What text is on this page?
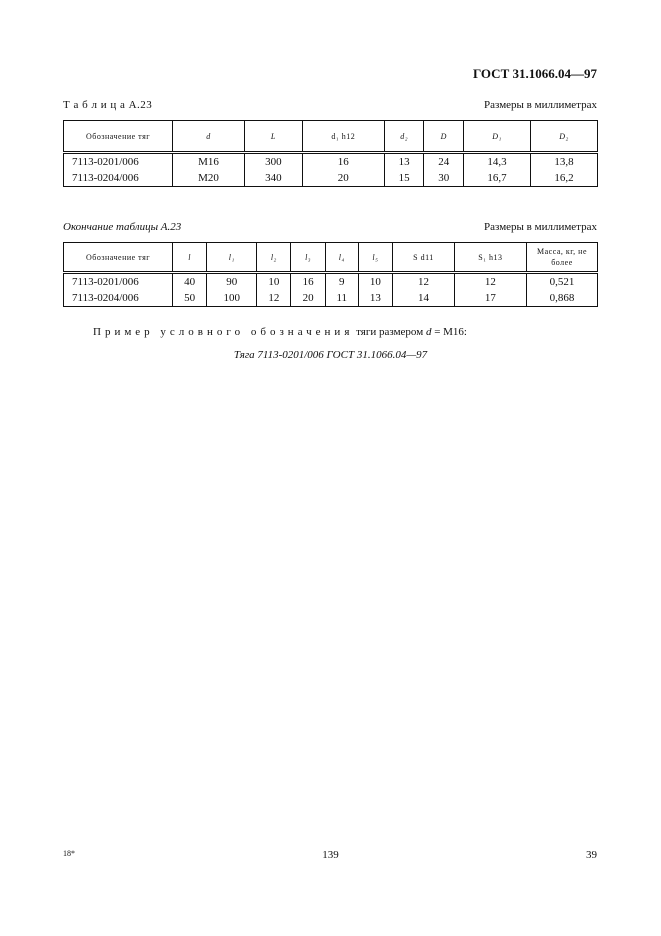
ГОСТ 31.1066.04—97
Т а б л и ц а А.23	Размеры в миллиметрах
Обозначение тяг	d	L	d₁ h12	d₂	D	D₁	D₂
7113-0201/006	M16	300	16	13	24	14,3	13,8
7113-0204/006	M20	340	20	15	30	16,7	16,2
Окончание таблицы А.23	Размеры в миллиметрах
Обозначение тяг	l	l₁	l₂	l₃	l₄	l₅	S d11	S₁ h13	Масса, кг, не более
7113-0201/006	40	90	10	16	9	10	12	12	0,521
7113-0204/006	50	100	12	20	11	13	14	17	0,868
Пример условного обозначения тяги размером d = M16:
Тяга 7113-0201/006 ГОСТ 31.1066.04—97
18*	139	39
